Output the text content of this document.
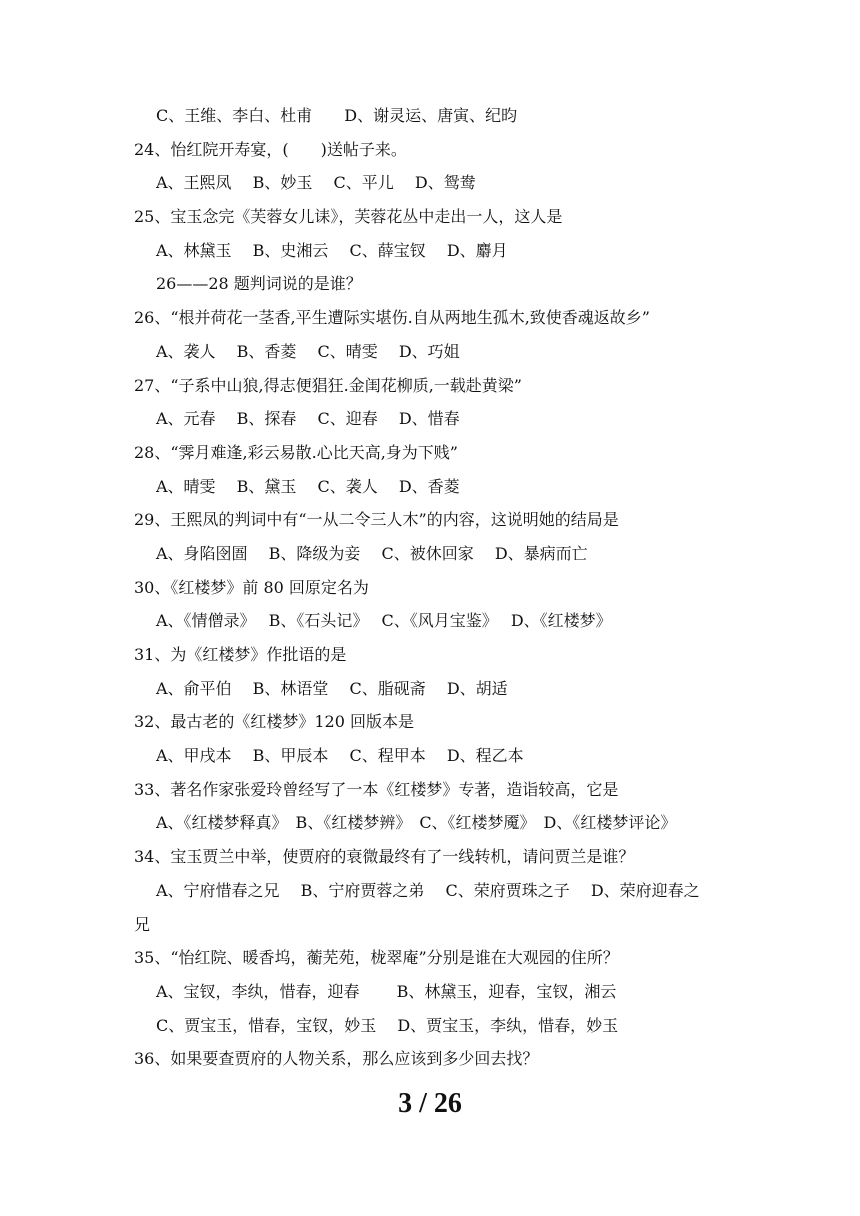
C、王维、李白、杜甫　　D、谢灵运、唐寅、纪昀
24、怡红院开寿宴，(　　)送帖子来。
A、王熙凤　 B、妙玉　 C、平儿　 D、鸳鸯
25、宝玉念完《芙蓉女儿诔》，芙蓉花丛中走出一人，这人是
A、林黛玉　 B、史湘云　 C、薛宝钗　 D、麝月
26——28 题判词说的是谁？
26、“根并荷花一茎香,平生遭际实堪伤.自从两地生孤木,致使香魂返故乡”
A、袭人　 B、香菱　 C、晴雯　 D、巧姐
27、“子系中山狼,得志便猖狂.金闺花柳质,一载赴黄梁”
A、元春　 B、探春　 C、迎春　 D、惜春
28、“霁月难逢,彩云易散.心比天高,身为下贱”
A、晴雯　 B、黛玉　 C、袭人　 D、香菱
29、王熙凤的判词中有“一从二令三人木”的内容，这说明她的结局是
A、身陷囹圄　 B、降级为妾　 C、被休回家　 D、暴病而亡
30、《红楼梦》前 80 回原定名为
A、《情僧录》　 B、《石头记》　 C、《风月宝鉴》　 D、《红楼梦》
31、为《红楼梦》作批语的是
A、俞平伯　 B、林语堂　 C、脂砚斋　 D、胡适
32、最古老的《红楼梦》120 回版本是
A、甲戌本　 B、甲辰本　 C、程甲本　 D、程乙本
33、著名作家张爱玲曾经写了一本《红楼梦》专著，造诣较高，它是
A、《红楼梦释真》　B、《红楼梦辨》　C、《红楼梦魇》　D、《红楼梦评论》
34、宝玉贾兰中举，使贾府的衰微最终有了一线转机，请问贾兰是谁？
A、宁府惜春之兄　 B、宁府贾蓉之弟　 C、荣府贾珠之子　 D、荣府迎春之
兄
35、“怡红院、暖香坞，蘅芜苑，栊翠庵”分别是谁在大观园的住所？
A、宝钗，李纨，惜春，迎春　　 B、林黛玉，迎春，宝钗，湘云
C、贾宝玉，惜春，宝钗，妙玉　 D、贾宝玉，李纨，惜春，妙玉
36、如果要查贾府的人物关系，那么应该到多少回去找？
3 / 26
